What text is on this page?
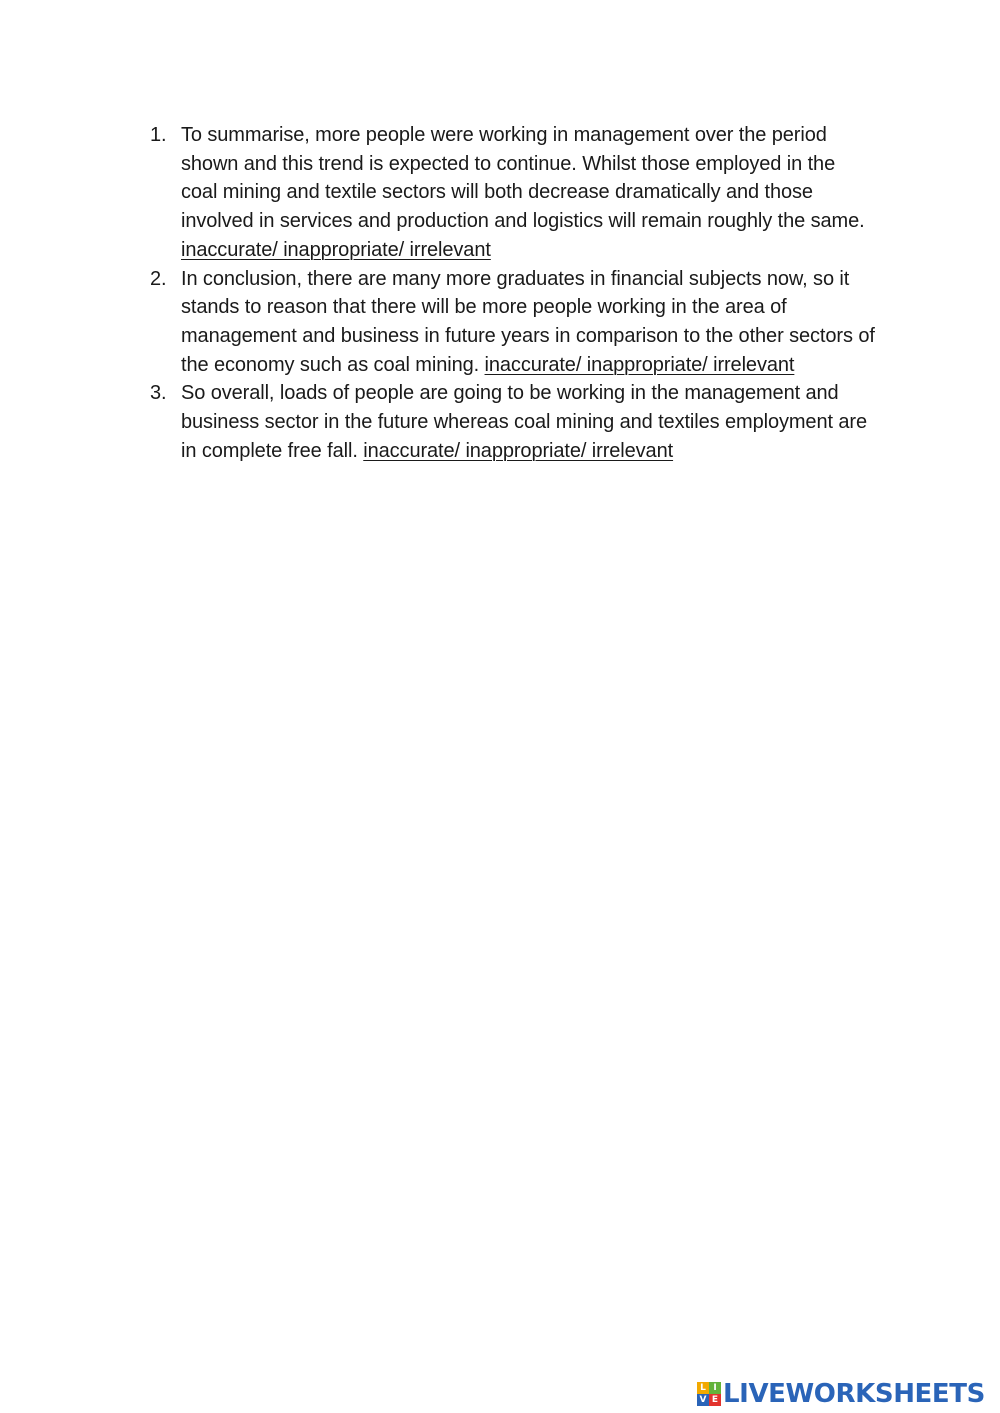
1. To summarise, more people were working in management over the period shown and this trend is expected to continue. Whilst those employed in the coal mining and textile sectors will both decrease dramatically and those involved in services and production and logistics will remain roughly the same. inaccurate/ inappropriate/ irrelevant
2. In conclusion, there are many more graduates in financial subjects now, so it stands to reason that there will be more people working in the area of management and business in future years in comparison to the other sectors of the economy such as coal mining. inaccurate/ inappropriate/ irrelevant
3. So overall, loads of people are going to be working in the management and business sector in the future whereas coal mining and textiles employment are in complete free fall. inaccurate/ inappropriate/ irrelevant
L I
V E LIVEWORKSHEETS
